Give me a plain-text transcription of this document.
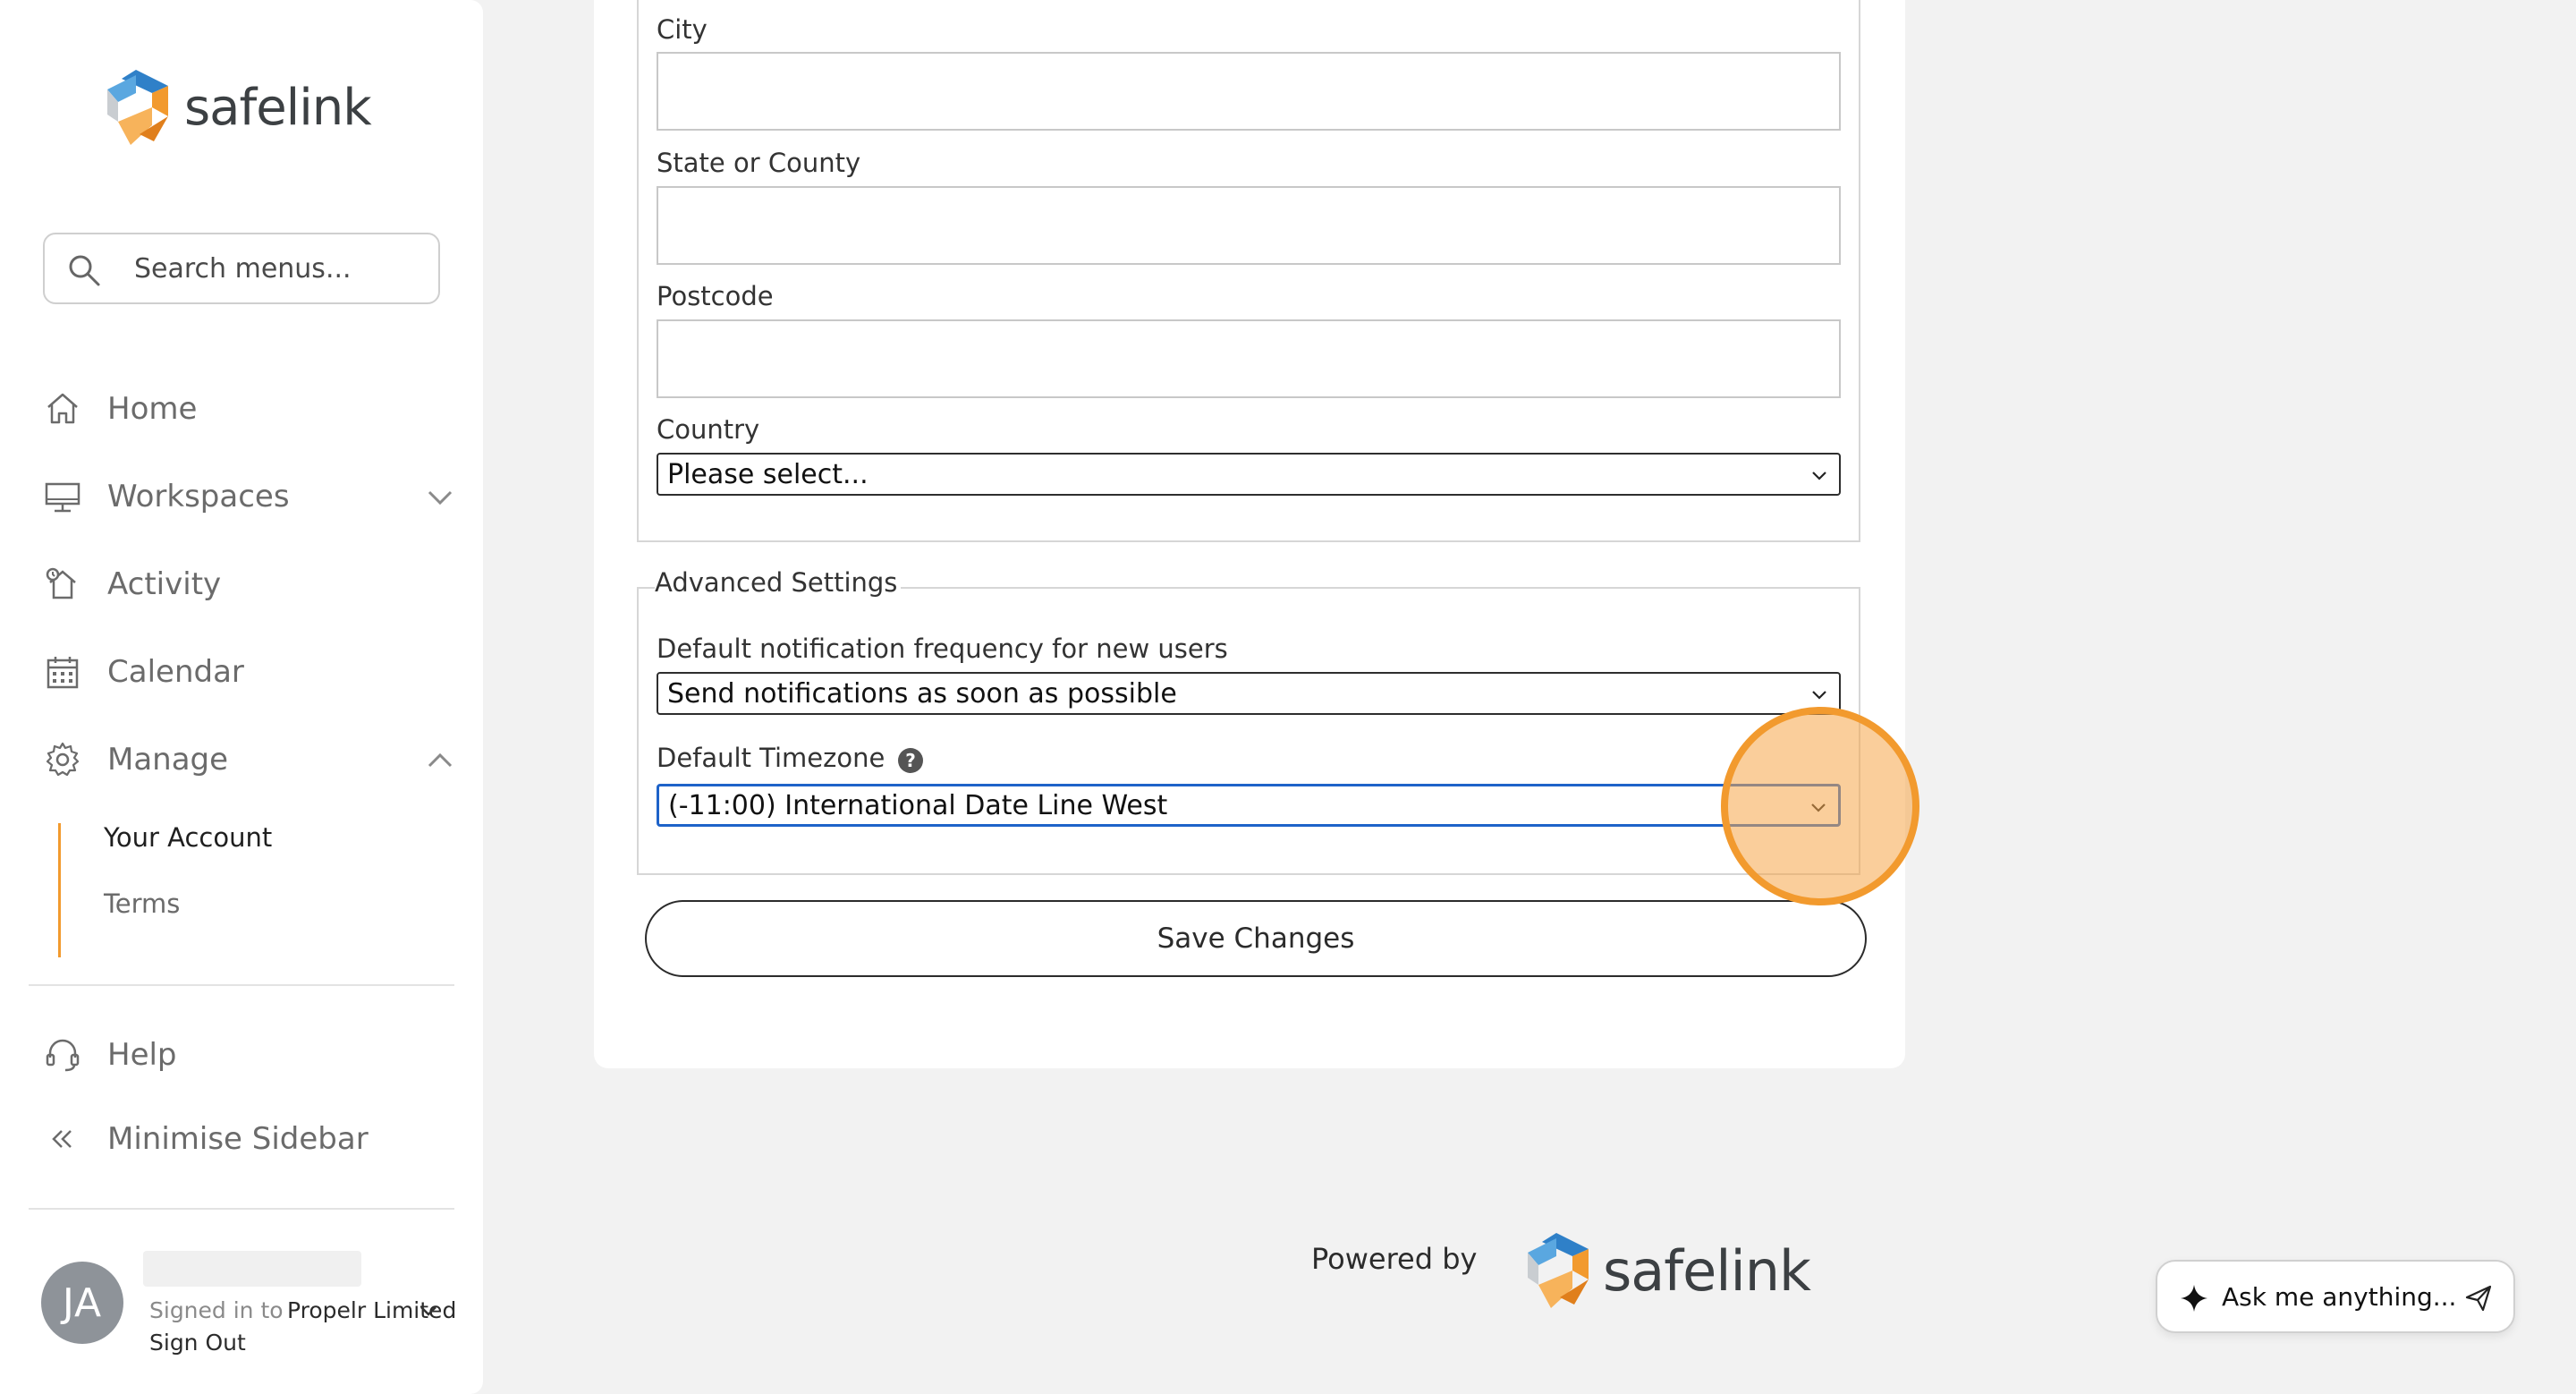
safelink
Search menus...
Home
Workspaces
Activity
Calendar
Manage
Your Account
Terms
Help
Minimise Sidebar
JA	Signed in to Propelr Limited
Sign Out
City
State or County
Postcode
Country
Please select...
Advanced Settings
Default notification frequency for new users
Send notifications as soon as possible
Default Timezone	?
(-11:00) International Date Line West
Save Changes
Powered by safelink	Ask me anything...
